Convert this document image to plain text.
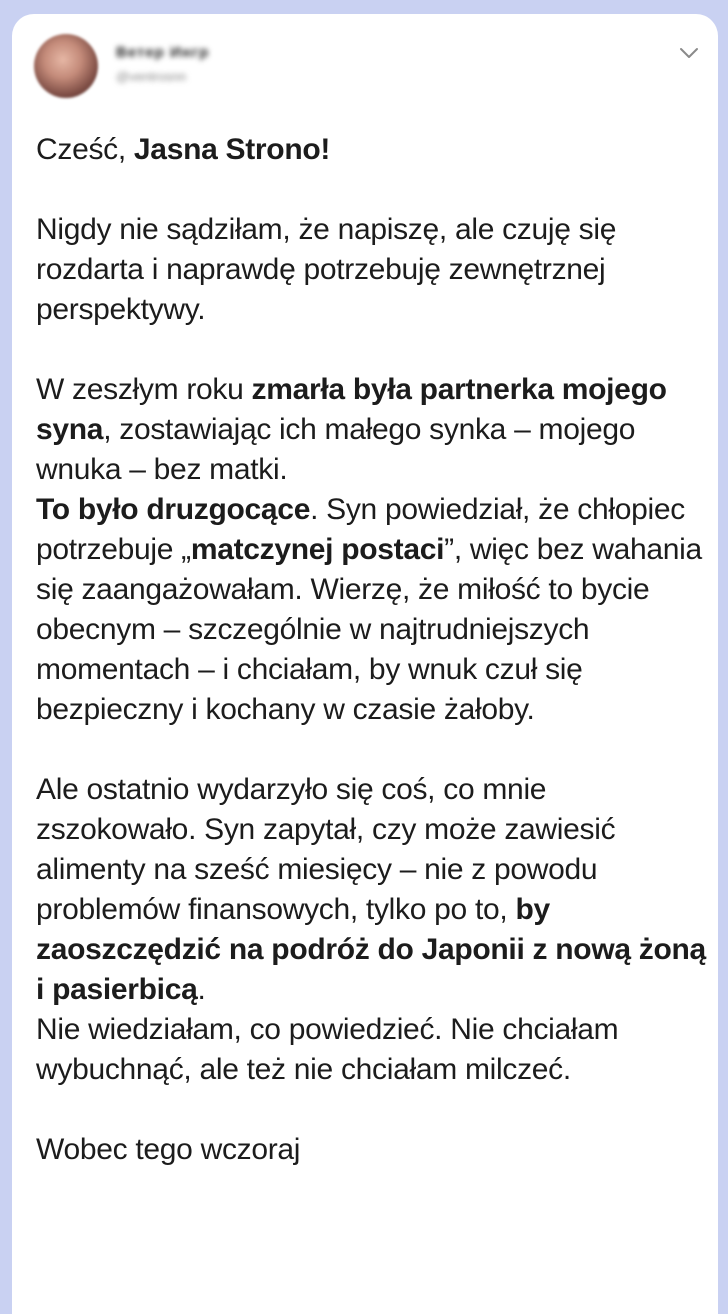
Ветер Ингр
@ventrosnn

Cześć, Jasna Strono!

Nigdy nie sądziłam, że napiszę, ale czuję się rozdarta i naprawdę potrzebuję zewnętrznej perspektywy.

W zeszłym roku zmarła była partnerka mojego syna, zostawiając ich małego synka – mojego wnuka – bez matki.
To było druzgocące. Syn powiedział, że chłopiec potrzebuje „matczynej postaci”, więc bez wahania się zaangażowałam. Wierzę, że miłość to bycie obecnym – szczególnie w najtrudniejszych momentach – i chciałam, by wnuk czuł się bezpieczny i kochany w czasie żałoby.

Ale ostatnio wydarzyło się coś, co mnie zszokowało. Syn zapytał, czy może zawiesić alimenty na sześć miesięcy – nie z powodu problemów finansowych, tylko po to, by zaoszczędzić na podróż do Japonii z nową żoną i pasierbicą.
Nie wiedziałam, co powiedzieć. Nie chciałam wybuchnąć, ale też nie chciałam milczeć.

Wobec tego wczoraj
